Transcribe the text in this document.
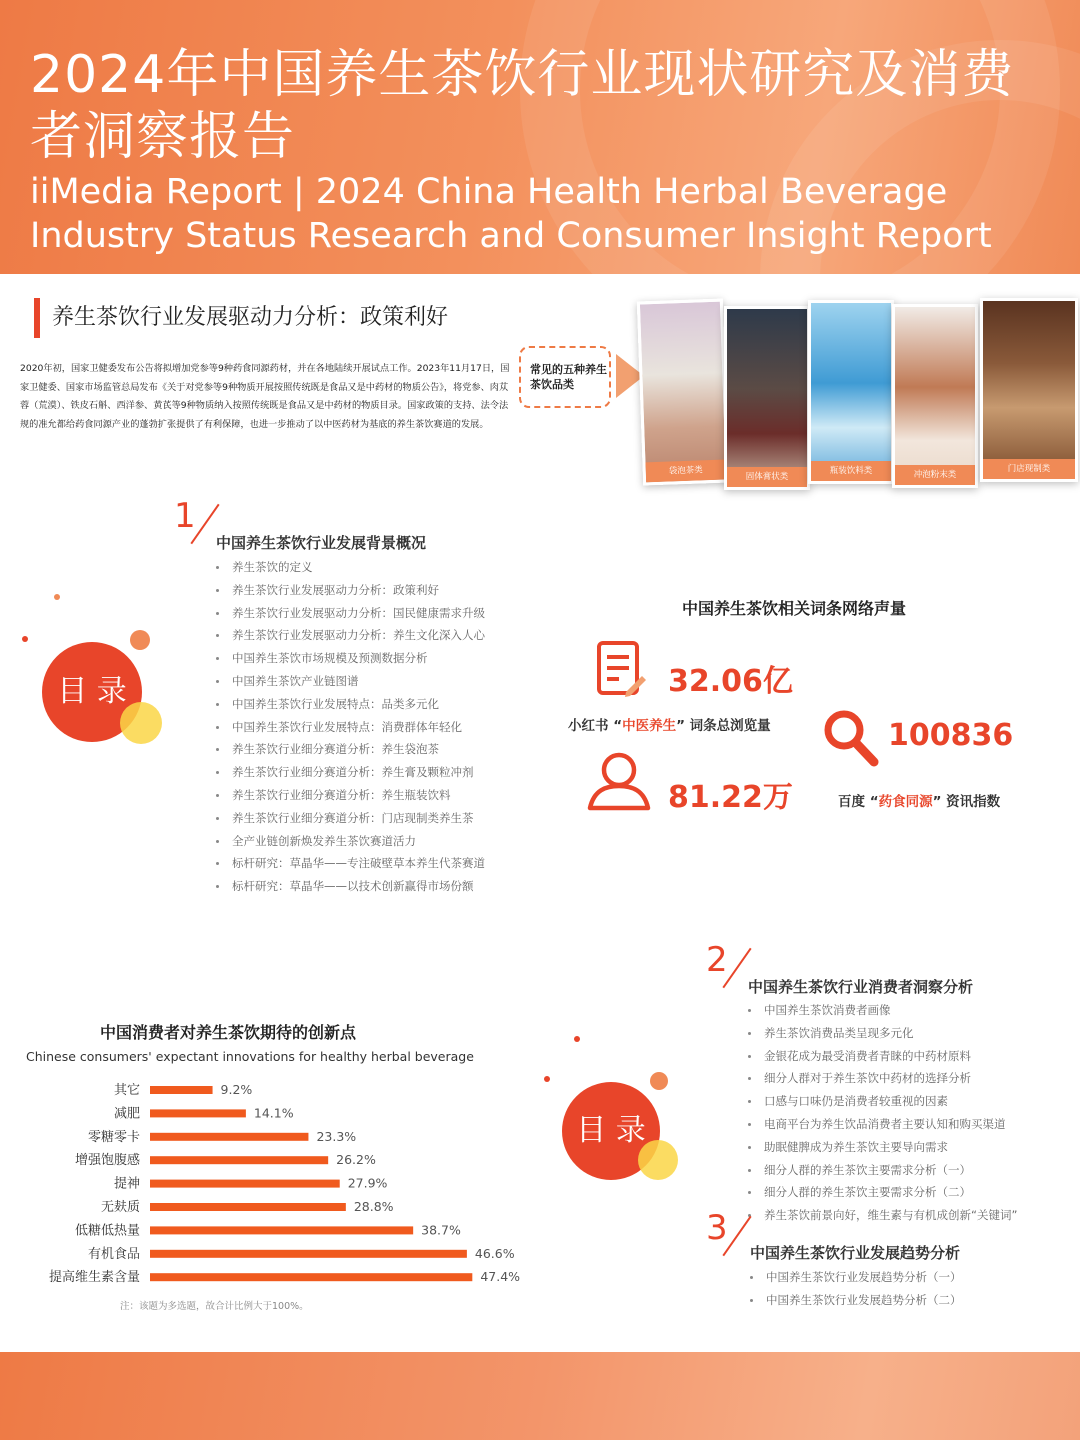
2024年中国养生茶饮行业现状研究及消费者洞察报告
iiMedia Report | 2024 China Health Herbal Beverage Industry Status Research and Consumer Insight Report
养生茶饮行业发展驱动力分析：政策利好
2020年初，国家卫健委发布公告将拟增加党参等9种药食同源药材，并在各地陆续开展试点工作。2023年11月17日，国家卫健委、国家市场监管总局发布《关于对党参等9种物质开展按照传统既是食品又是中药材的物质公告》，将党参、肉苁蓉（荒漠）、铁皮石斛、西洋参、黄芪等9种物质纳入按照传统既是食品又是中药材的物质目录。国家政策的支持、法令法规的准允都给药食同源产业的蓬勃扩张提供了有利保障，也进一步推动了以中医药材为基底的养生茶饮赛道的发展。
常见的五种养生茶饮品类
袋泡茶类
固体膏状类
瓶装饮料类	冲泡粉末类
门店现制类
1
中国养生茶饮行业发展背景概况
养生茶饮的定义
养生茶饮行业发展驱动力分析：政策利好
养生茶饮行业发展驱动力分析：国民健康需求升级
养生茶饮行业发展驱动力分析：养生文化深入人心
中国养生茶饮市场规模及预测数据分析
中国养生茶饮产业链图谱
中国养生茶饮行业发展特点：品类多元化
中国养生茶饮行业发展特点：消费群体年轻化
养生茶饮行业细分赛道分析：养生袋泡茶
养生茶饮行业细分赛道分析：养生膏及颗粒冲剂
养生茶饮行业细分赛道分析：养生瓶装饮料
养生茶饮行业细分赛道分析：门店现制类养生茶
全产业链创新焕发养生茶饮赛道活力
标杆研究：草晶华——专注破壁草本养生代茶赛道
标杆研究：草晶华——以技术创新赢得市场份额
目 录
中国养生茶饮相关词条网络声量
32.06亿
小红书 “中医养生” 词条总浏览量	100836
81.22万	百度 “药食同源” 资讯指数
2
中国养生茶饮行业消费者洞察分析
中国养生茶饮消费者画像
养生茶饮消费品类呈现多元化
金银花成为最受消费者青睐的中药材原料
细分人群对于养生茶饮中药材的选择分析
口感与口味仍是消费者较重视的因素
电商平台为养生饮品消费者主要认知和购买渠道
助眠健脾成为养生茶饮主要导向需求
细分人群的养生茶饮主要需求分析（一）
细分人群的养生茶饮主要需求分析（二）
养生茶饮前景向好，维生素与有机成创新“关键词”
目 录
3
中国养生茶饮行业发展趋势分析
中国养生茶饮行业发展趋势分析（一）
中国养生茶饮行业发展趋势分析（二）
中国消费者对养生茶饮期待的创新点
Chinese consumers' expectant innovations for healthy herbal beverage
其它	9.2%
减肥	14.1%
零糖零卡	23.3%
增强饱腹感	26.2%
提神	27.9%
无麸质	28.8%
低糖低热量	38.7%
有机食品	46.6%
提高维生素含量	47.4%
注：该题为多选题，故合计比例大于100%。
